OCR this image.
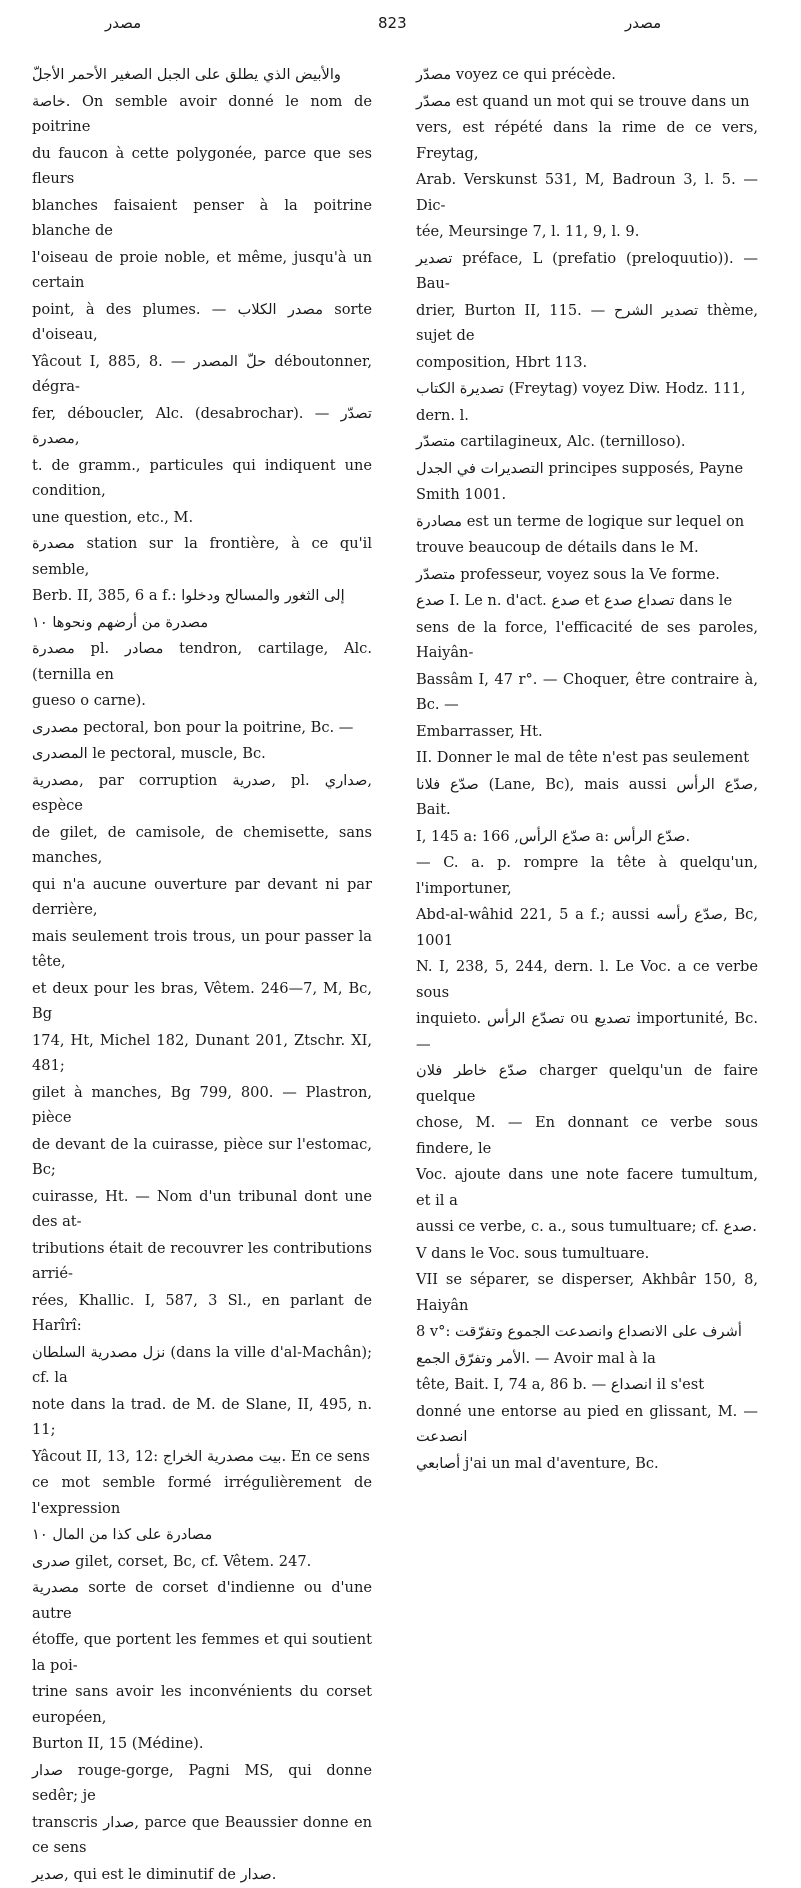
مصدر	823	مصدر

والأبيض الذي يطلق على الجبل الصغير الأحمر الأجلّ

خاصة. On semble avoir donné le nom de poitrine

du faucon à cette polygonée, parce que ses fleurs

blanches faisaient penser à la poitrine blanche de

l'oiseau de proie noble, et même, jusqu'à un certain

point, à des plumes. — مصدر الكلاب sorte d'oiseau,

Yâcout I, 885, 8. — حلّ المصدر déboutonner, dégra-

fer, déboucler, Alc. (desabrochar). — تصدّر مصدرة,

t. de gramm., particules qui indiquent une condition,

une question, etc., M.

مصدرة station sur la frontière, à ce qu'il semble,

Berb. II, 385, 6 a f.: إلى الثغور والمسالح ودخلوا

مصدرة من أرضهم ونحوها ١٠

مصدرة pl. مصادر tendron, cartilage, Alc. (ternilla en

gueso o carne).

مصدرى pectoral, bon pour la poitrine, Bc. —

المصدرى le pectoral, muscle, Bc.

مصدرية, par corruption صدرية, pl. صداري, espèce

de gilet, de camisole, de chemisette, sans manches,

qui n'a aucune ouverture par devant ni par derrière,

mais seulement trois trous, un pour passer la tête,

et deux pour les bras, Vêtem. 246—7, M, Bc, Bg

174, Ht, Michel 182, Dunant 201, Ztschr. XI, 481;

gilet à manches, Bg 799, 800. — Plastron, pièce

de devant de la cuirasse, pièce sur l'estomac, Bc;

cuirasse, Ht. — Nom d'un tribunal dont une des at-

tributions était de recouvrer les contributions arrié-

rées, Khallic. I, 587, 3 Sl., en parlant de Harîrî:

نزل مصدرية السلطان (dans la ville d'al-Machân); cf. la

note dans la trad. de M. de Slane, II, 495, n. 11;

Yâcout II, 13, 12: بيت مصدرية الخراج. En ce sens

ce mot semble formé irrégulièrement de l'expression

مصادرة على كذا من المال ١٠

صدرى gilet, corset, Bc, cf. Vêtem. 247.

مصدرية sorte de corset d'indienne ou d'une autre

étoffe, que portent les femmes et qui soutient la poi-

trine sans avoir les inconvénients du corset européen,

Burton II, 15 (Médine).

صدار rouge-gorge, Pagni MS, qui donne sedêr; je

transcris صدار, parce que Beaussier donne en ce sens

صدير, qui est le diminutif de صدار.

مصدّر voyez ce qui précède.

مصدّر est quand un mot qui se trouve dans un

vers, est répété dans la rime de ce vers, Freytag,

Arab. Verskunst 531, M, Badroun 3, l. 5. — Dic-

tée, Meursinge 7, l. 11, 9, l. 9.

تصدير préface, L (prefatio (preloquutio)). — Bau-

drier, Burton II, 115. — تصدير الشرح thème, sujet de

composition, Hbrt 113.

تصديرة الكتاب (Freytag) voyez Diw. Hodz. 111,

dern. l.

متصدّر cartilagineux, Alc. (ternilloso).

التصديرات في الجدل principes supposés, Payne

Smith 1001.

مصادرة est un terme de logique sur lequel on

trouve beaucoup de détails dans le M.

متصدّر professeur, voyez sous la Ve forme.

صدع I. Le n. d'act. صدع et تصداع صدع dans le

sens de la force, l'efficacité de ses paroles, Haiyân-

Bassâm I, 47 r°. — Choquer, être contraire à, Bc. —

Embarrasser, Ht.

II. Donner le mal de tête n'est pas seulement

صدّع فلانا (Lane, Bc), mais aussi صدّع الرأس, Bait.

I, 145 a: صدّع الرأس, 166 a: صدّع الرأس.

— C. a. p. rompre la tête à quelqu'un, l'importuner,

Abd-al-wâhid 221, 5 a f.; aussi صدّع رأسه, Bc, 1001

N. I, 238, 5, 244, dern. l. Le Voc. a ce verbe sous

inquieto. تصدّع الرأس ou تصديع importunité, Bc. —

صدّع خاطر فلان charger quelqu'un de faire quelque

chose, M. — En donnant ce verbe sous findere, le

Voc. ajoute dans une note facere tumultum, et il a

aussi ce verbe, c. a., sous tumultuare; cf. صدع.

V dans le Voc. sous tumultuare.

VII se séparer, se disperser, Akhbâr 150, 8, Haiyân

8 v°: أشرف على الانصداع وانصدعت الجموع وتفرّقت

الأمر وتفرّق الجمع. — Avoir mal à la

tête, Bait. I, 74 a, 86 b. — انصداع il s'est

donné une entorse au pied en glissant, M. — انصدعت

أصابعي j'ai un mal d'aventure, Bc.
